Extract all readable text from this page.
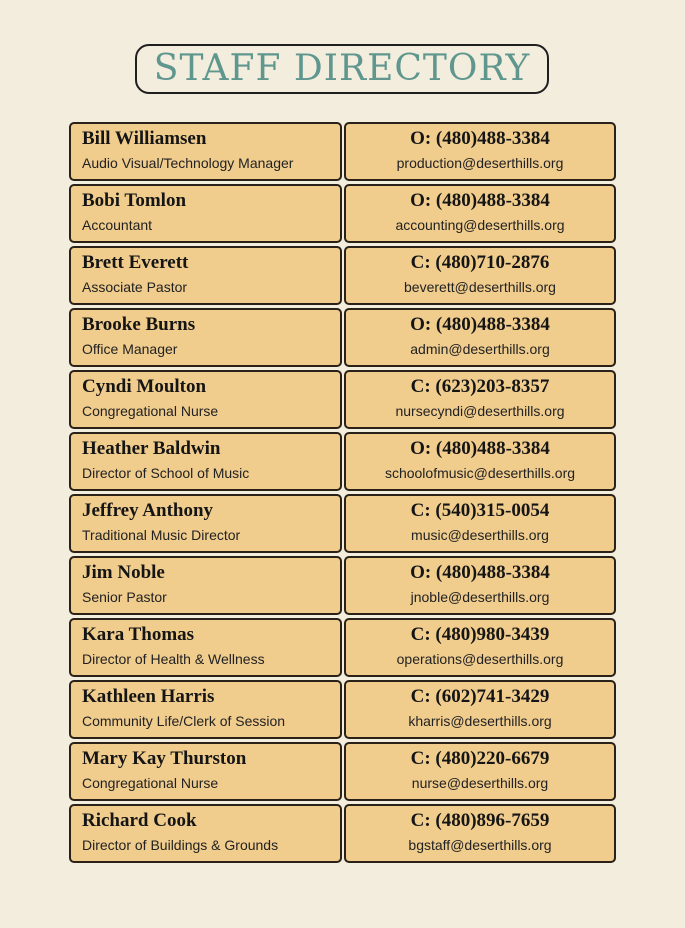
STAFF DIRECTORY
Bill Williamsen
Audio Visual/Technology Manager
O: (480)488-3384
production@deserthills.org
Bobi Tomlon
Accountant
O: (480)488-3384
accounting@deserthills.org
Brett Everett
Associate Pastor
C: (480)710-2876
beverett@deserthills.org
Brooke Burns
Office Manager
O: (480)488-3384
admin@deserthills.org
Cyndi Moulton
Congregational Nurse
C: (623)203-8357
nursecyndi@deserthills.org
Heather Baldwin
Director of School of Music
O: (480)488-3384
schoolofmusic@deserthills.org
Jeffrey Anthony
Traditional Music Director
C: (540)315-0054
music@deserthills.org
Jim Noble
Senior Pastor
O: (480)488-3384
jnoble@deserthills.org
Kara Thomas
Director of Health & Wellness
C: (480)980-3439
operations@deserthills.org
Kathleen Harris
Community Life/Clerk of Session
C: (602)741-3429
kharris@deserthills.org
Mary Kay Thurston
Congregational Nurse
C: (480)220-6679
nurse@deserthills.org
Richard Cook
Director of Buildings & Grounds
C: (480)896-7659
bgstaff@deserthills.org
